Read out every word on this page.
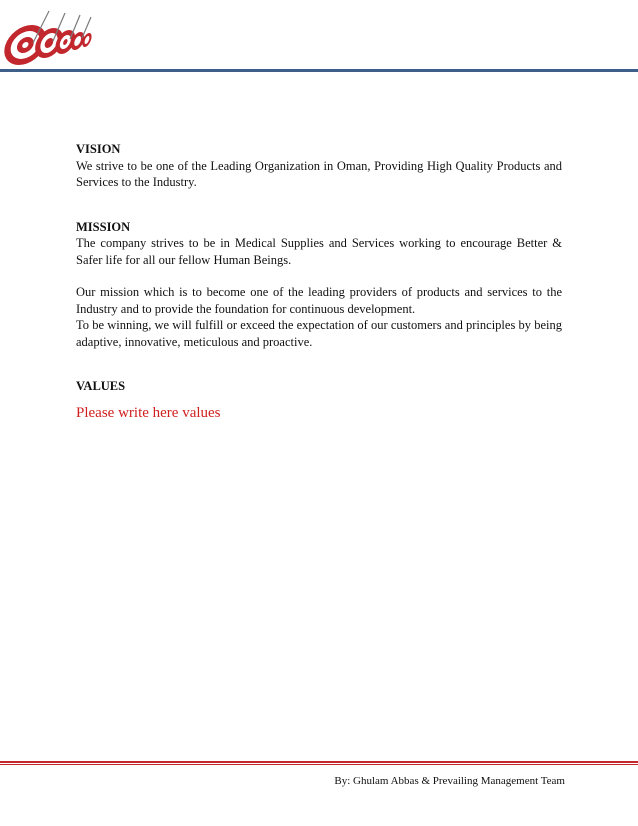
VISION
We strive to be one of the Leading Organization in Oman, Providing High Quality Products and Services to the Industry.
MISSION
The company strives to be in Medical Supplies and Services working to encourage Better & Safer life for all our fellow Human Beings.
Our mission which is to become one of the leading providers of products and services to the Industry and to provide the foundation for continuous development.
To be winning, we will fulfill or exceed the expectation of our customers and principles by being adaptive, innovative, meticulous and proactive.
VALUES
Please write here values
By: Ghulam Abbas & Prevailing Management Team
